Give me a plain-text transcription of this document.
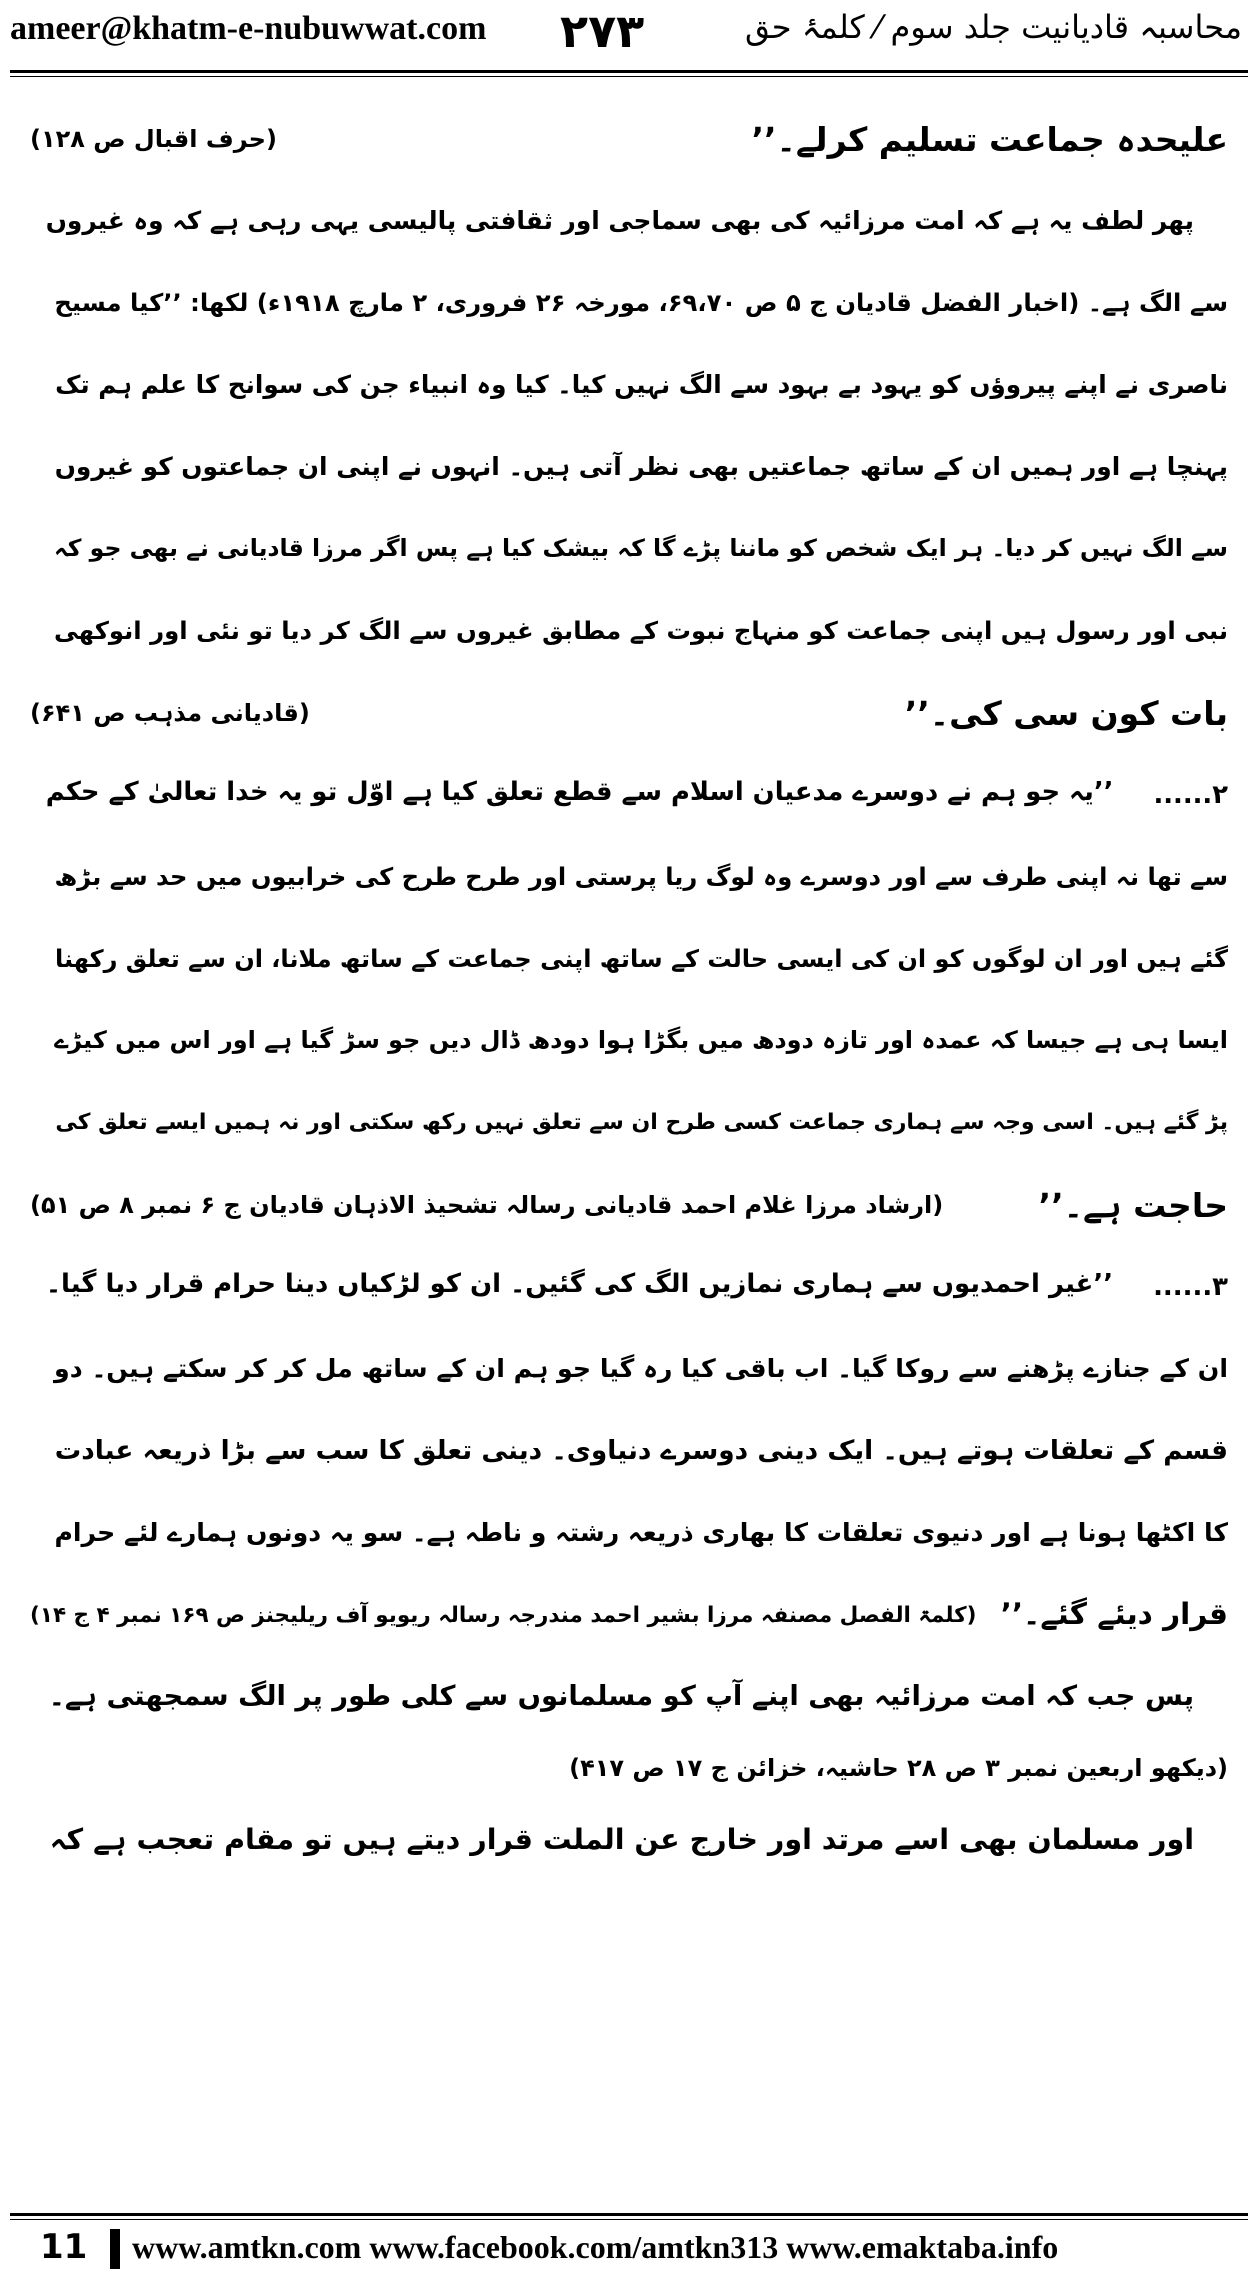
ameer@khatm-e-nubuwwat.com ۲۷۳	محاسبہ قادیانیت جلد سوم ⁄ کلمۂ حق
علیحدہ جماعت تسلیم کرلے۔’’
(حرف اقبال ص ۱۲۸)
پھر لطف یہ ہے کہ امت مرزائیہ کی بھی سماجی اور ثقافتی پالیسی یہی رہی ہے کہ وہ غیروں
سے الگ ہے۔ (اخبار الفضل قادیان ج ۵ ص ۶۹،۷۰، مورخہ ۲۶ فروری، ۲ مارچ ۱۹۱۸ء) لکھا: ’’کیا مسیح
ناصری نے اپنے پیروؤں کو یہود بے بہود سے الگ نہیں کیا۔ کیا وہ انبیاء جن کی سوانح کا علم ہم تک
پہنچا ہے اور ہمیں ان کے ساتھ جماعتیں بھی نظر آتی ہیں۔ انہوں نے اپنی ان جماعتوں کو غیروں
سے الگ نہیں کر دیا۔ ہر ایک شخص کو ماننا پڑے گا کہ بیشک کیا ہے پس اگر مرزا قادیانی نے بھی جو کہ
نبی اور رسول ہیں اپنی جماعت کو منہاج نبوت کے مطابق غیروں سے الگ کر دیا تو نئی اور انوکھی
بات کون سی کی۔’’
(قادیانی مذہب ص ۶۴۱)
۲......
’’یہ جو ہم نے دوسرے مدعیان اسلام سے قطع تعلق کیا ہے اوّل تو یہ خدا تعالیٰ کے حکم
سے تھا نہ اپنی طرف سے اور دوسرے وہ لوگ ریا پرستی اور طرح طرح کی خرابیوں میں حد سے بڑھ
گئے ہیں اور ان لوگوں کو ان کی ایسی حالت کے ساتھ اپنی جماعت کے ساتھ ملانا، ان سے تعلق رکھنا
ایسا ہی ہے جیسا کہ عمدہ اور تازہ دودھ میں بگڑا ہوا دودھ ڈال دیں جو سڑ گیا ہے اور اس میں کیڑے
پڑ گئے ہیں۔ اسی وجہ سے ہماری جماعت کسی طرح ان سے تعلق نہیں رکھ سکتی اور نہ ہمیں ایسے تعلق کی
حاجت ہے۔’’
(ارشاد مرزا غلام احمد قادیانی رسالہ تشحیذ الاذہان قادیان ج ۶ نمبر ۸ ص ۵۱)
۳......
’’غیر احمدیوں سے ہماری نمازیں الگ کی گئیں۔ ان کو لڑکیاں دینا حرام قرار دیا گیا۔
ان کے جنازے پڑھنے سے روکا گیا۔ اب باقی کیا رہ گیا جو ہم ان کے ساتھ مل کر کر سکتے ہیں۔ دو
قسم کے تعلقات ہوتے ہیں۔ ایک دینی دوسرے دنیاوی۔ دینی تعلق کا سب سے بڑا ذریعہ عبادت
کا اکٹھا ہونا ہے اور دنیوی تعلقات کا بھاری ذریعہ رشتہ و ناطہ ہے۔ سو یہ دونوں ہمارے لئے حرام
قرار دیئے گئے۔’’
(کلمۃ الفصل مصنفہ مرزا بشیر احمد مندرجہ رسالہ ریویو آف ریلیجنز ص ۱۶۹ نمبر ۴ ج ۱۴)
پس جب کہ امت مرزائیہ بھی اپنے آپ کو مسلمانوں سے کلی طور پر الگ سمجھتی ہے۔
(دیکھو اربعین نمبر ۳ ص ۲۸ حاشیہ، خزائن ج ۱۷ ص ۴۱۷)
اور مسلمان بھی اسے مرتد اور خارج عن الملت قرار دیتے ہیں تو مقام تعجب ہے کہ
11 www.amtkn.com www.facebook.com/amtkn313 www.emaktaba.info
